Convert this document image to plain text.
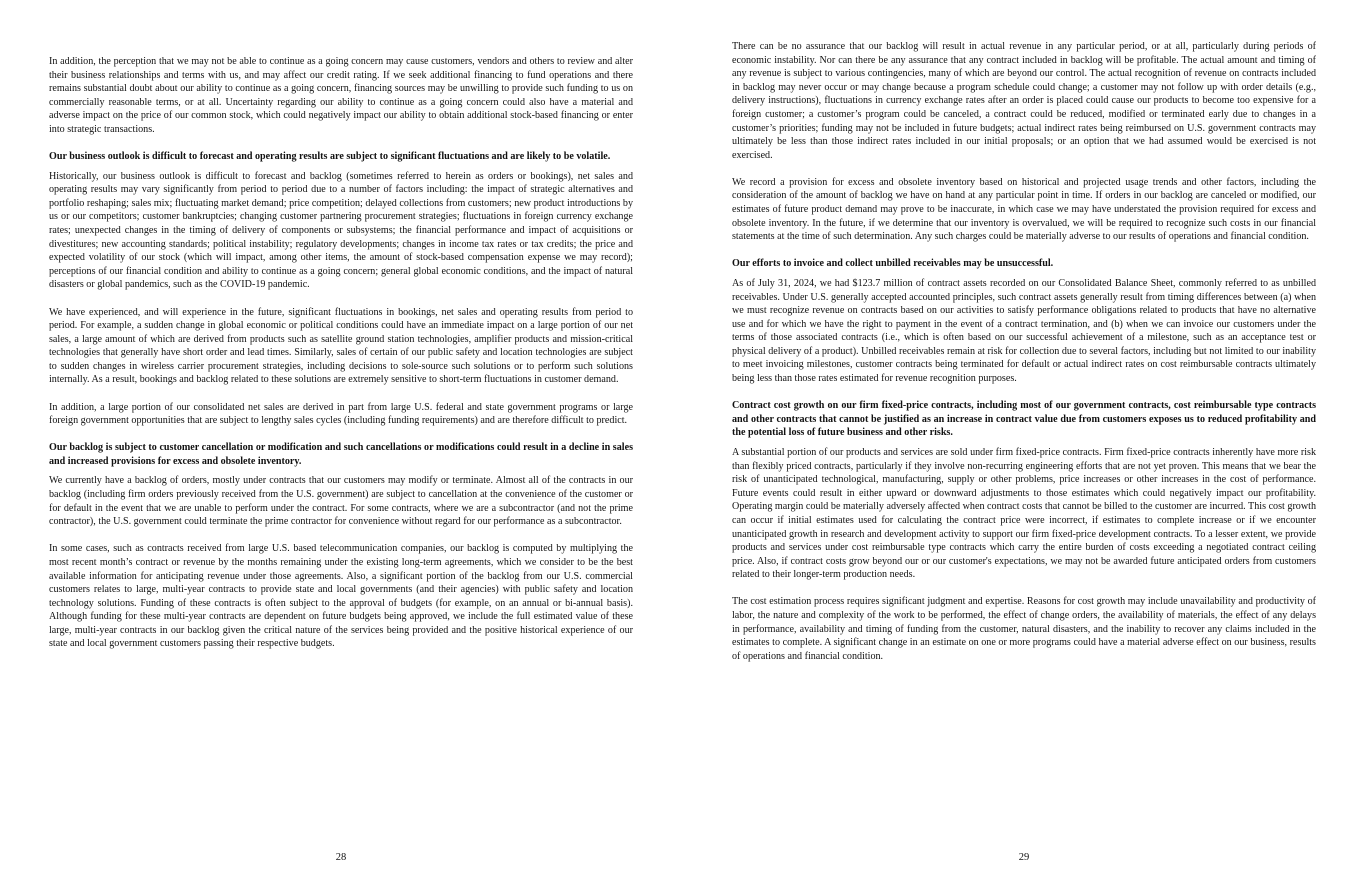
In addition, the perception that we may not be able to continue as a going concern may cause customers, vendors and others to review and alter their business relationships and terms with us, and may affect our credit rating. If we seek additional financing to fund operations and there remains substantial doubt about our ability to continue as a going concern, financing sources may be unwilling to provide such funding to us on commercially reasonable terms, or at all. Uncertainty regarding our ability to continue as a going concern could also have a material and adverse impact on the price of our common stock, which could negatively impact our ability to obtain additional stock-based financing or enter into strategic transactions.

Our business outlook is difficult to forecast and operating results are subject to significant fluctuations and are likely to be volatile.

Historically, our business outlook is difficult to forecast and backlog (sometimes referred to herein as orders or bookings), net sales and operating results may vary significantly from period to period due to a number of factors including: the impact of strategic alternatives and portfolio reshaping; sales mix; fluctuating market demand; price competition; delayed collections from customers; new product introductions by us or our competitors; customer bankruptcies; changing customer partnering procurement strategies; fluctuations in foreign currency exchange rates; unexpected changes in the timing of delivery of components or subsystems; the financial performance and impact of acquisitions or divestitures; new accounting standards; political instability; regulatory developments; changes in income tax rates or tax credits; the price and expected volatility of our stock (which will impact, among other items, the amount of stock-based compensation expense we may record); perceptions of our financial condition and ability to continue as a going concern; general global economic conditions, and the impact of natural disasters or global pandemics, such as the COVID-19 pandemic.

We have experienced, and will experience in the future, significant fluctuations in bookings, net sales and operating results from period to period. For example, a sudden change in global economic or political conditions could have an immediate impact on a large portion of our net sales, a large amount of which are derived from products such as satellite ground station technologies, amplifier products and mission-critical technologies that generally have short order and lead times. Similarly, sales of certain of our public safety and location technologies are subject to sudden changes in wireless carrier procurement strategies, including decisions to sole-source such solutions or to perform such solutions internally. As a result, bookings and backlog related to these solutions are extremely sensitive to short-term fluctuations in customer demand.

In addition, a large portion of our consolidated net sales are derived in part from large U.S. federal and state government programs or large foreign government opportunities that are subject to lengthy sales cycles (including funding requirements) and are therefore difficult to predict.

Our backlog is subject to customer cancellation or modification and such cancellations or modifications could result in a decline in sales and increased provisions for excess and obsolete inventory.

We currently have a backlog of orders, mostly under contracts that our customers may modify or terminate. Almost all of the contracts in our backlog (including firm orders previously received from the U.S. government) are subject to cancellation at the convenience of the customer or for default in the event that we are unable to perform under the contract. For some contracts, where we are a subcontractor (and not the prime contractor), the U.S. government could terminate the prime contractor for convenience without regard for our performance as a subcontractor.

In some cases, such as contracts received from large U.S. based telecommunication companies, our backlog is computed by multiplying the most recent month’s contract or revenue by the months remaining under the existing long-term agreements, which we consider to be the best available information for anticipating revenue under those agreements. Also, a significant portion of the backlog from our U.S. commercial customers relates to large, multi-year contracts to provide state and local governments (and their agencies) with public safety and location technology solutions. Funding of these contracts is often subject to the approval of budgets (for example, on an annual or bi-annual basis). Although funding for these multi-year contracts are dependent on future budgets being approved, we include the full estimated value of these large, multi-year contracts in our backlog given the critical nature of the services being provided and the positive historical experience of our state and local government customers passing their respective budgets.

28

There can be no assurance that our backlog will result in actual revenue in any particular period, or at all, particularly during periods of economic instability. Nor can there be any assurance that any contract included in backlog will be profitable. The actual amount and timing of any revenue is subject to various contingencies, many of which are beyond our control. The actual recognition of revenue on contracts included in backlog may never occur or may change because a program schedule could change; a customer may not follow up with order details (e.g., delivery instructions), fluctuations in currency exchange rates after an order is placed could cause our products to become too expensive for a foreign customer; a customer’s program could be canceled, a contract could be reduced, modified or terminated early due to changes in a customer’s priorities; funding may not be included in future budgets; actual indirect rates being reimbursed on U.S. government contracts may ultimately be less than those indirect rates included in our initial proposals; or an option that we had assumed would be exercised is not exercised.

We record a provision for excess and obsolete inventory based on historical and projected usage trends and other factors, including the consideration of the amount of backlog we have on hand at any particular point in time. If orders in our backlog are canceled or modified, our estimates of future product demand may prove to be inaccurate, in which case we may have understated the provision required for excess and obsolete inventory. In the future, if we determine that our inventory is overvalued, we will be required to recognize such costs in our financial statements at the time of such determination. Any such charges could be materially adverse to our results of operations and financial condition.

Our efforts to invoice and collect unbilled receivables may be unsuccessful.

As of July 31, 2024, we had $123.7 million of contract assets recorded on our Consolidated Balance Sheet, commonly referred to as unbilled receivables. Under U.S. generally accepted accounted principles, such contract assets generally result from timing differences between (a) when we must recognize revenue on contracts based on our activities to satisfy performance obligations related to products that have no alternative use and for which we have the right to payment in the event of a contract termination, and (b) when we can invoice our customers under the terms of those associated contracts (i.e., which is often based on our successful achievement of a milestone, such as an acceptance test or physical delivery of a product). Unbilled receivables remain at risk for collection due to several factors, including but not limited to our inability to meet invoicing milestones, customer contracts being terminated for default or actual indirect rates on cost reimbursable contracts ultimately being less than those rates estimated for revenue recognition purposes.

Contract cost growth on our firm fixed-price contracts, including most of our government contracts, cost reimbursable type contracts and other contracts that cannot be justified as an increase in contract value due from customers exposes us to reduced profitability and the potential loss of future business and other risks.

A substantial portion of our products and services are sold under firm fixed-price contracts. Firm fixed-price contracts inherently have more risk than flexibly priced contracts, particularly if they involve non-recurring engineering efforts that are not yet proven. This means that we bear the risk of unanticipated technological, manufacturing, supply or other problems, price increases or other increases in the cost of performance. Future events could result in either upward or downward adjustments to those estimates which could negatively impact our profitability. Operating margin could be materially adversely affected when contract costs that cannot be billed to the customer are incurred. This cost growth can occur if initial estimates used for calculating the contract price were incorrect, if estimates to complete increase or if we encounter unanticipated growth in research and development activity to support our firm fixed-price development contracts. To a lesser extent, we provide products and services under cost reimbursable type contracts which carry the entire burden of costs exceeding a negotiated contract ceiling price. Also, if contract costs grow beyond our or our customer's expectations, we may not be awarded future anticipated orders from customers related to their longer-term production needs.

The cost estimation process requires significant judgment and expertise. Reasons for cost growth may include unavailability and productivity of labor, the nature and complexity of the work to be performed, the effect of change orders, the availability of materials, the effect of any delays in performance, availability and timing of funding from the customer, natural disasters, and the inability to recover any claims included in the estimates to complete. A significant change in an estimate on one or more programs could have a material adverse effect on our business, results of operations and financial condition.

29
